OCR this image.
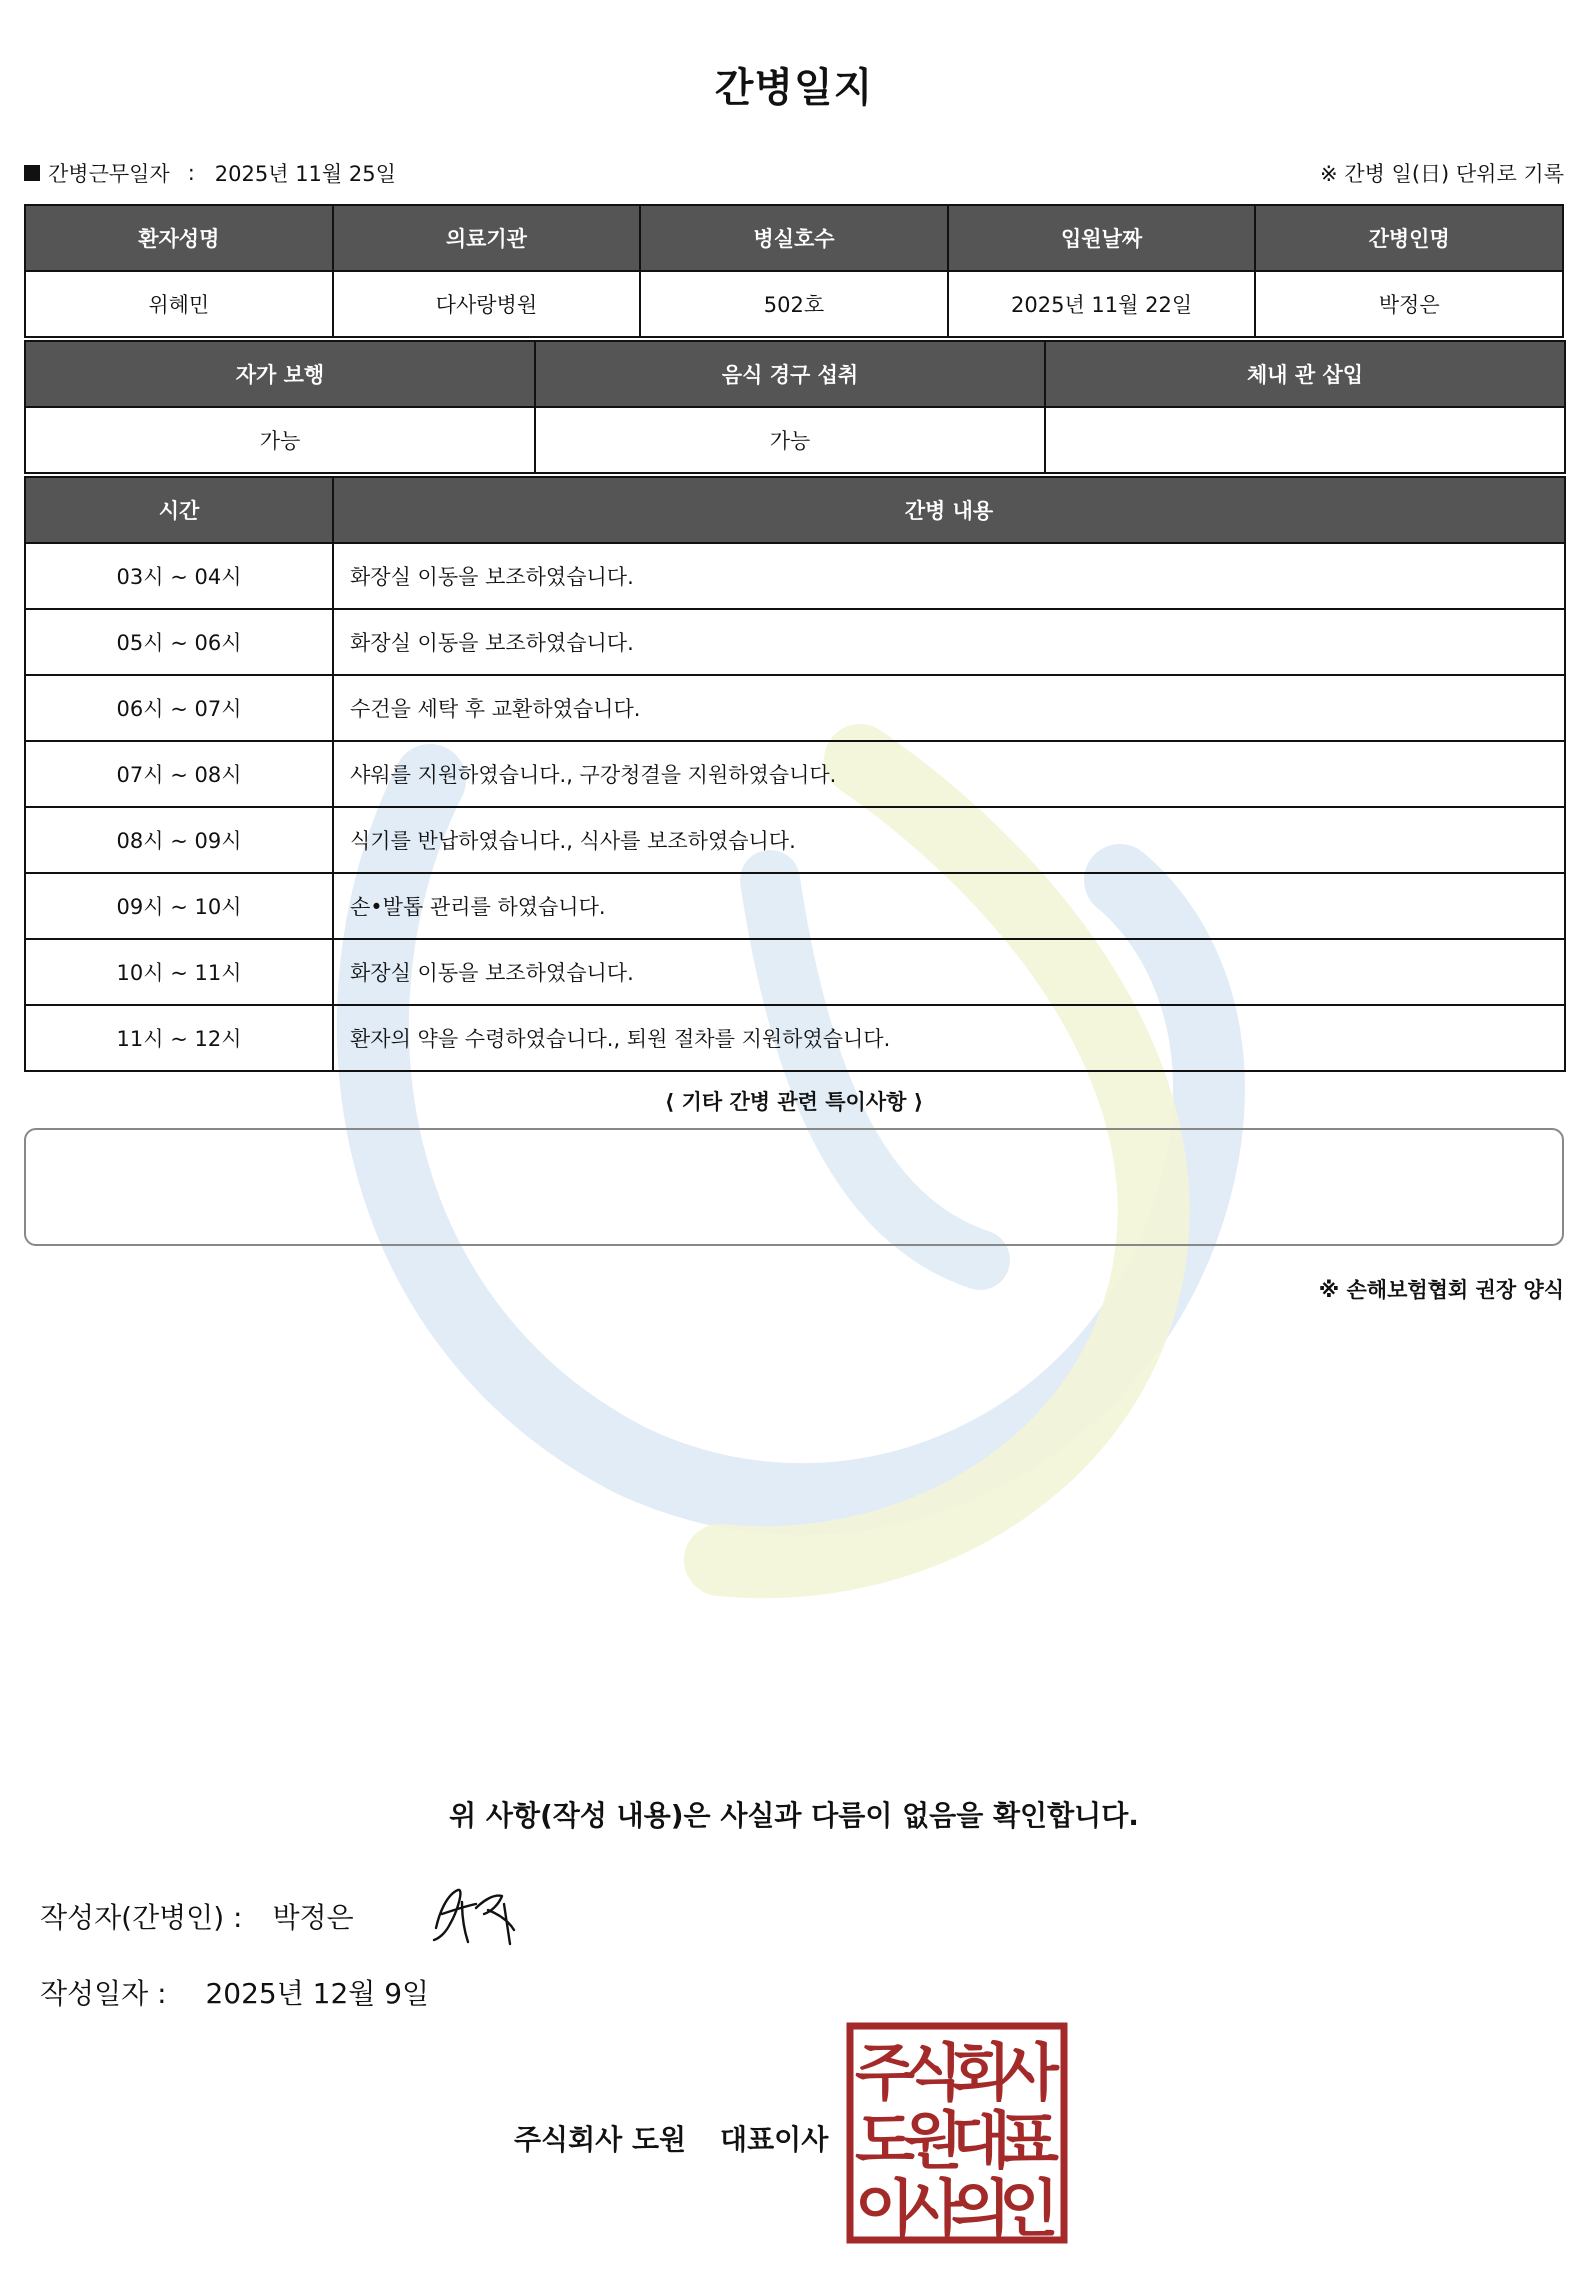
간병일지
간병근무일자 : 2025년 11월 25일	※ 간병 일(日) 단위로 기록
환자성명	의료기관	병실호수	입원날짜	간병인명
위혜민	다사랑병원	502호	2025년 11월 22일	박정은
자가 보행	음식 경구 섭취	체내 관 삽입
가능	가능	
시간	간병 내용
03시 ~ 04시	화장실 이동을 보조하였습니다.
05시 ~ 06시	화장실 이동을 보조하였습니다.
06시 ~ 07시	수건을 세탁 후 교환하였습니다.
07시 ~ 08시	샤워를 지원하였습니다., 구강청결을 지원하였습니다.
08시 ~ 09시	식기를 반납하였습니다., 식사를 보조하였습니다.
09시 ~ 10시	손•발톱 관리를 하였습니다.
10시 ~ 11시	화장실 이동을 보조하였습니다.
11시 ~ 12시	환자의 약을 수령하였습니다., 퇴원 절차를 지원하였습니다.
⟨ 기타 간병 관련 특이사항 ⟩
※ 손해보험협회 권장 양식
위 사항(작성 내용)은 사실과 다름이 없음을 확인합니다.
작성자(간병인) : 박정은
작성일자 : 2025년 12월 9일
주식회사 도원 대표이사
주
식
회
사
도
원
대
표
이
사
의
인
